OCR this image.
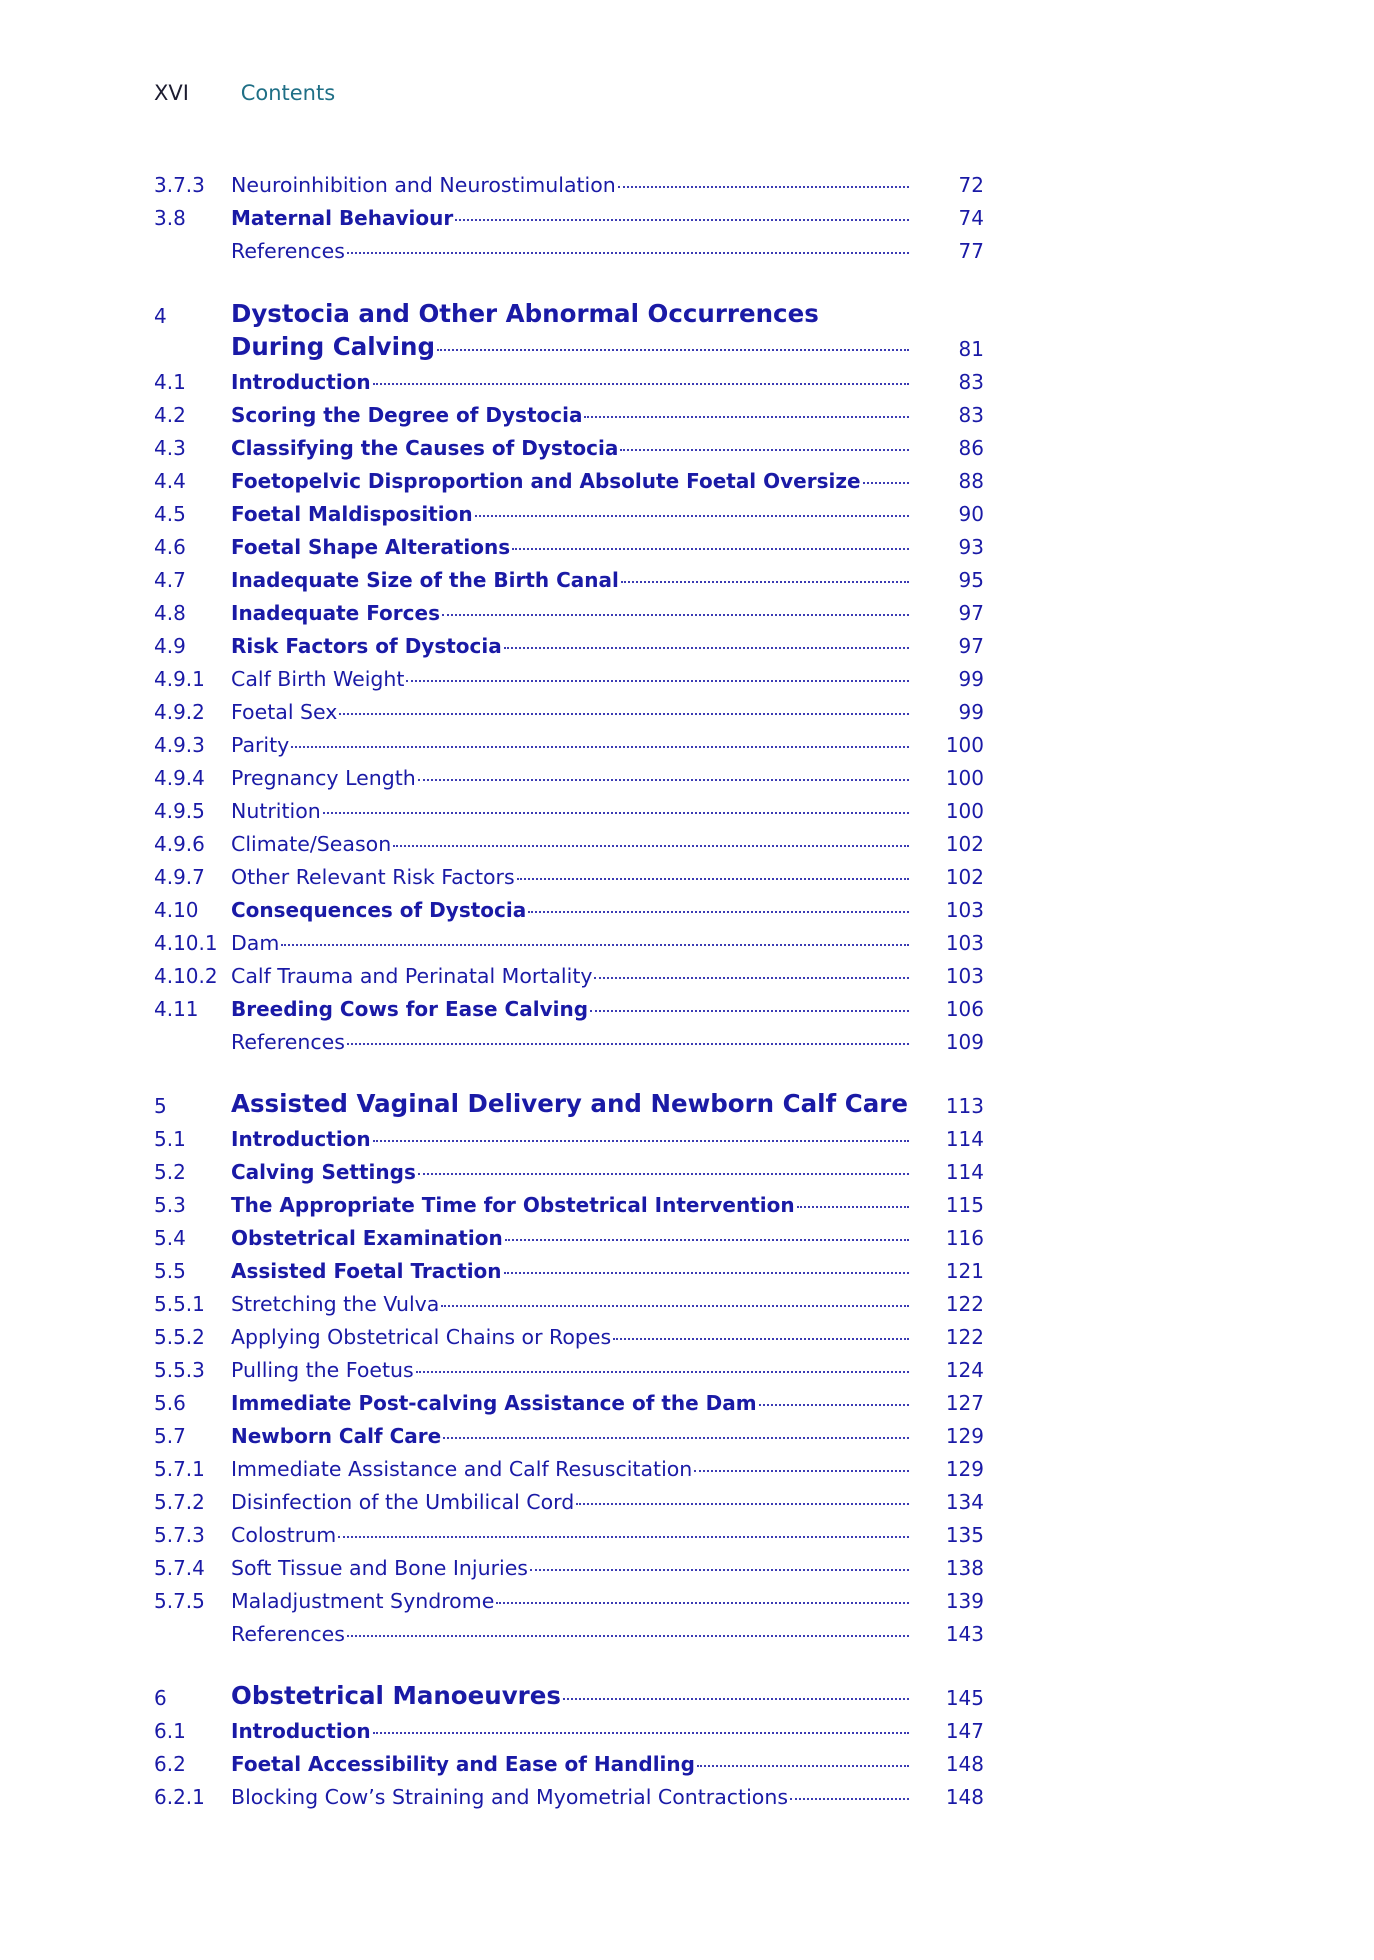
XVI Contents
3.7.3 Neuroinhibition and Neurostimulation	72
3.8 Maternal Behaviour	74
References	77
4	Dystocia and Other Abnormal Occurrences
During Calving	81
4.1 Introduction	83
4.2 Scoring the Degree of Dystocia	83
4.3 Classifying the Causes of Dystocia	86
4.4 Foetopelvic Disproportion and Absolute Foetal Oversize	88
4.5 Foetal Maldisposition	90
4.6 Foetal Shape Alterations	93
4.7 Inadequate Size of the Birth Canal	95
4.8 Inadequate Forces	97
4.9 Risk Factors of Dystocia	97
4.9.1 Calf Birth Weight	99
4.9.2 Foetal Sex	99
4.9.3 Parity	100
4.9.4 Pregnancy Length	100
4.9.5 Nutrition	100
4.9.6 Climate/Season	102
4.9.7 Other Relevant Risk Factors	102
4.10 Consequences of Dystocia	103
4.10.1 Dam	103
4.10.2 Calf Trauma and Perinatal Mortality	103
4.11 Breeding Cows for Ease Calving	106
References	109
5	Assisted Vaginal Delivery and Newborn Calf Care	113
5.1 Introduction	114
5.2 Calving Settings	114
5.3 The Appropriate Time for Obstetrical Intervention	115
5.4 Obstetrical Examination	116
5.5 Assisted Foetal Traction	121
5.5.1 Stretching the Vulva	122
5.5.2 Applying Obstetrical Chains or Ropes	122
5.5.3 Pulling the Foetus	124
5.6 Immediate Post-calving Assistance of the Dam	127
5.7 Newborn Calf Care	129
5.7.1 Immediate Assistance and Calf Resuscitation	129
5.7.2 Disinfection of the Umbilical Cord	134
5.7.3 Colostrum	135
5.7.4 Soft Tissue and Bone Injuries	138
5.7.5 Maladjustment Syndrome	139
References	143
6	Obstetrical Manoeuvres	145
6.1 Introduction	147
6.2 Foetal Accessibility and Ease of Handling	148
6.2.1 Blocking Cow’s Straining and Myometrial Contractions	148
